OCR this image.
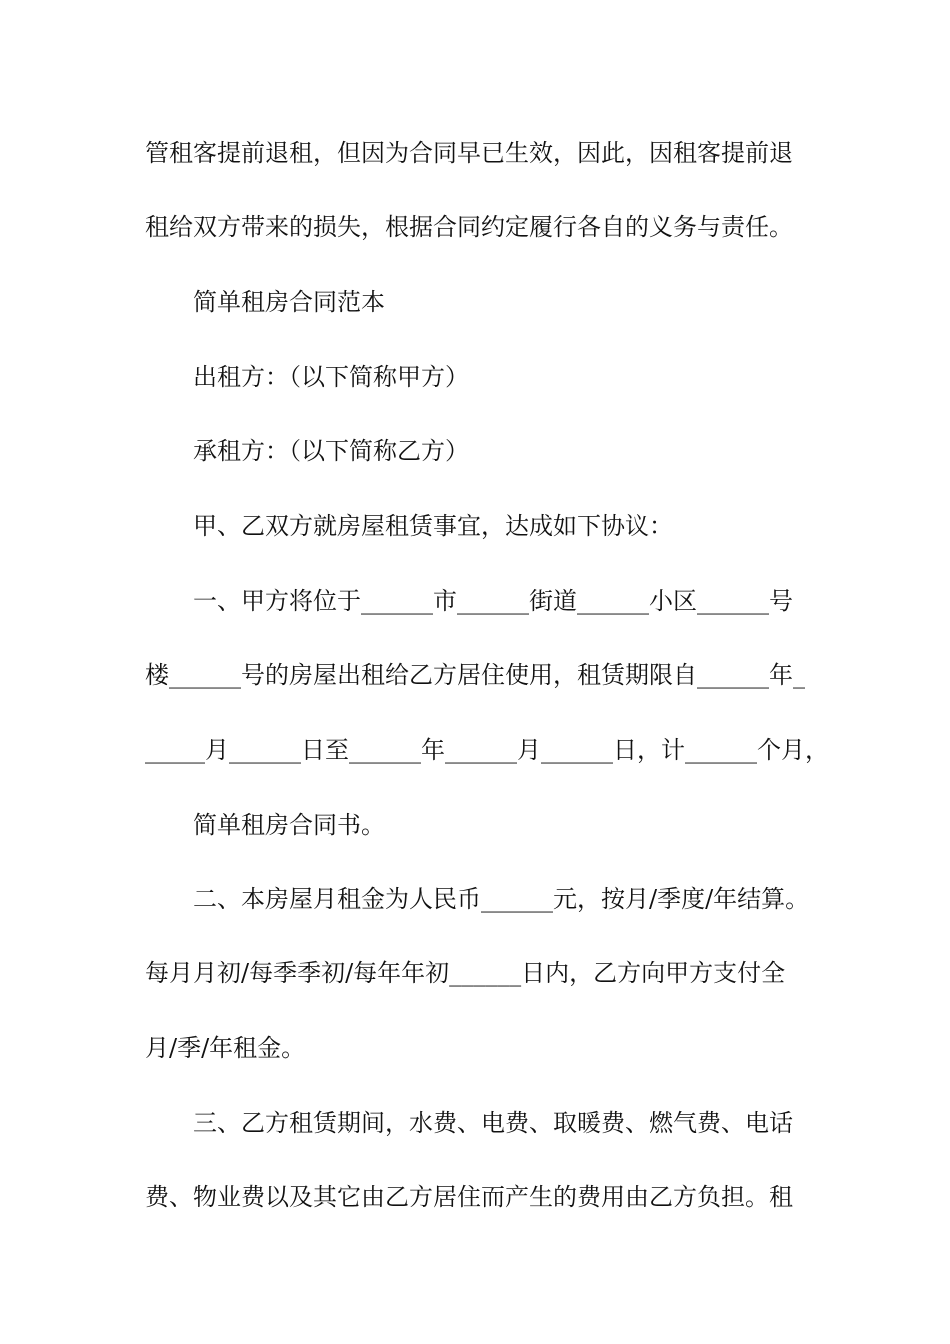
管租客提前退租，但因为合同早已生效，因此，因租客提前退

租给双方带来的损失，根据合同约定履行各自的义务与责任。

简单租房合同范本

出租方：（以下简称甲方）

承租方：（以下简称乙方）

甲、乙双方就房屋租赁事宜，达成如下协议：

一、甲方将位于______市______街道______小区______号

楼______号的房屋出租给乙方居住使用，租赁期限自______年_

_____月______日至______年______月______日，计______个月，

简单租房合同书。

二、本房屋月租金为人民币______元，按月/季度/年结算。

每月月初/每季季初/每年年初______日内，乙方向甲方支付全

月/季/年租金。

三、乙方租赁期间，水费、电费、取暖费、燃气费、电话

费、物业费以及其它由乙方居住而产生的费用由乙方负担。租
